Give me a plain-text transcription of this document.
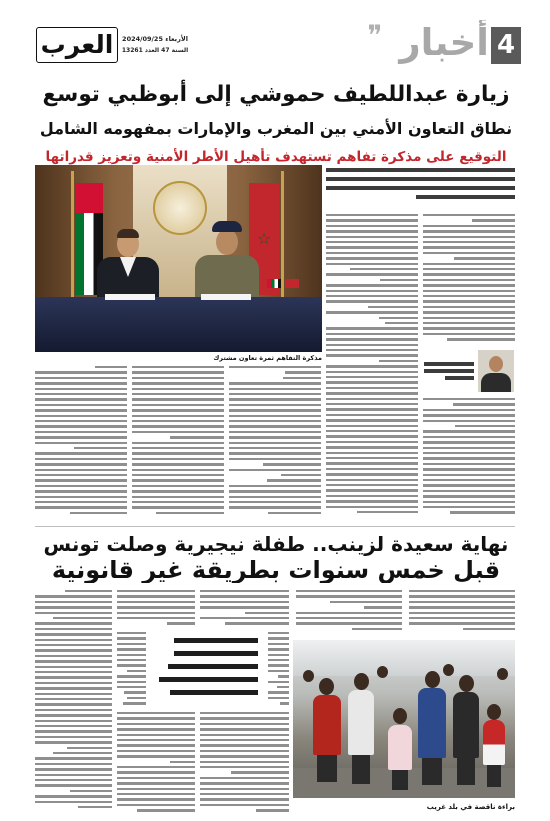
العرب	الأربعاء 2024/09/25
السنة 47 العدد 13261
❞	أخبار 4
زيارة عبداللطيف حموشي إلى أبوظبي توسع
نطاق التعاون الأمني بين المغرب والإمارات بمفهومه الشامل
التوقيع على مذكرة تفاهم تستهدف تأهيل الأطر الأمنية وتعزيز قدراتها
☆
مذكرة التفاهم ثمرة تعاون مشترك
نهاية سعيدة لزينب.. طفلة نيجيرية وصلت تونس
قبل خمس سنوات بطريقة غير قانونية
براءة ناقصة في بلد غريب
